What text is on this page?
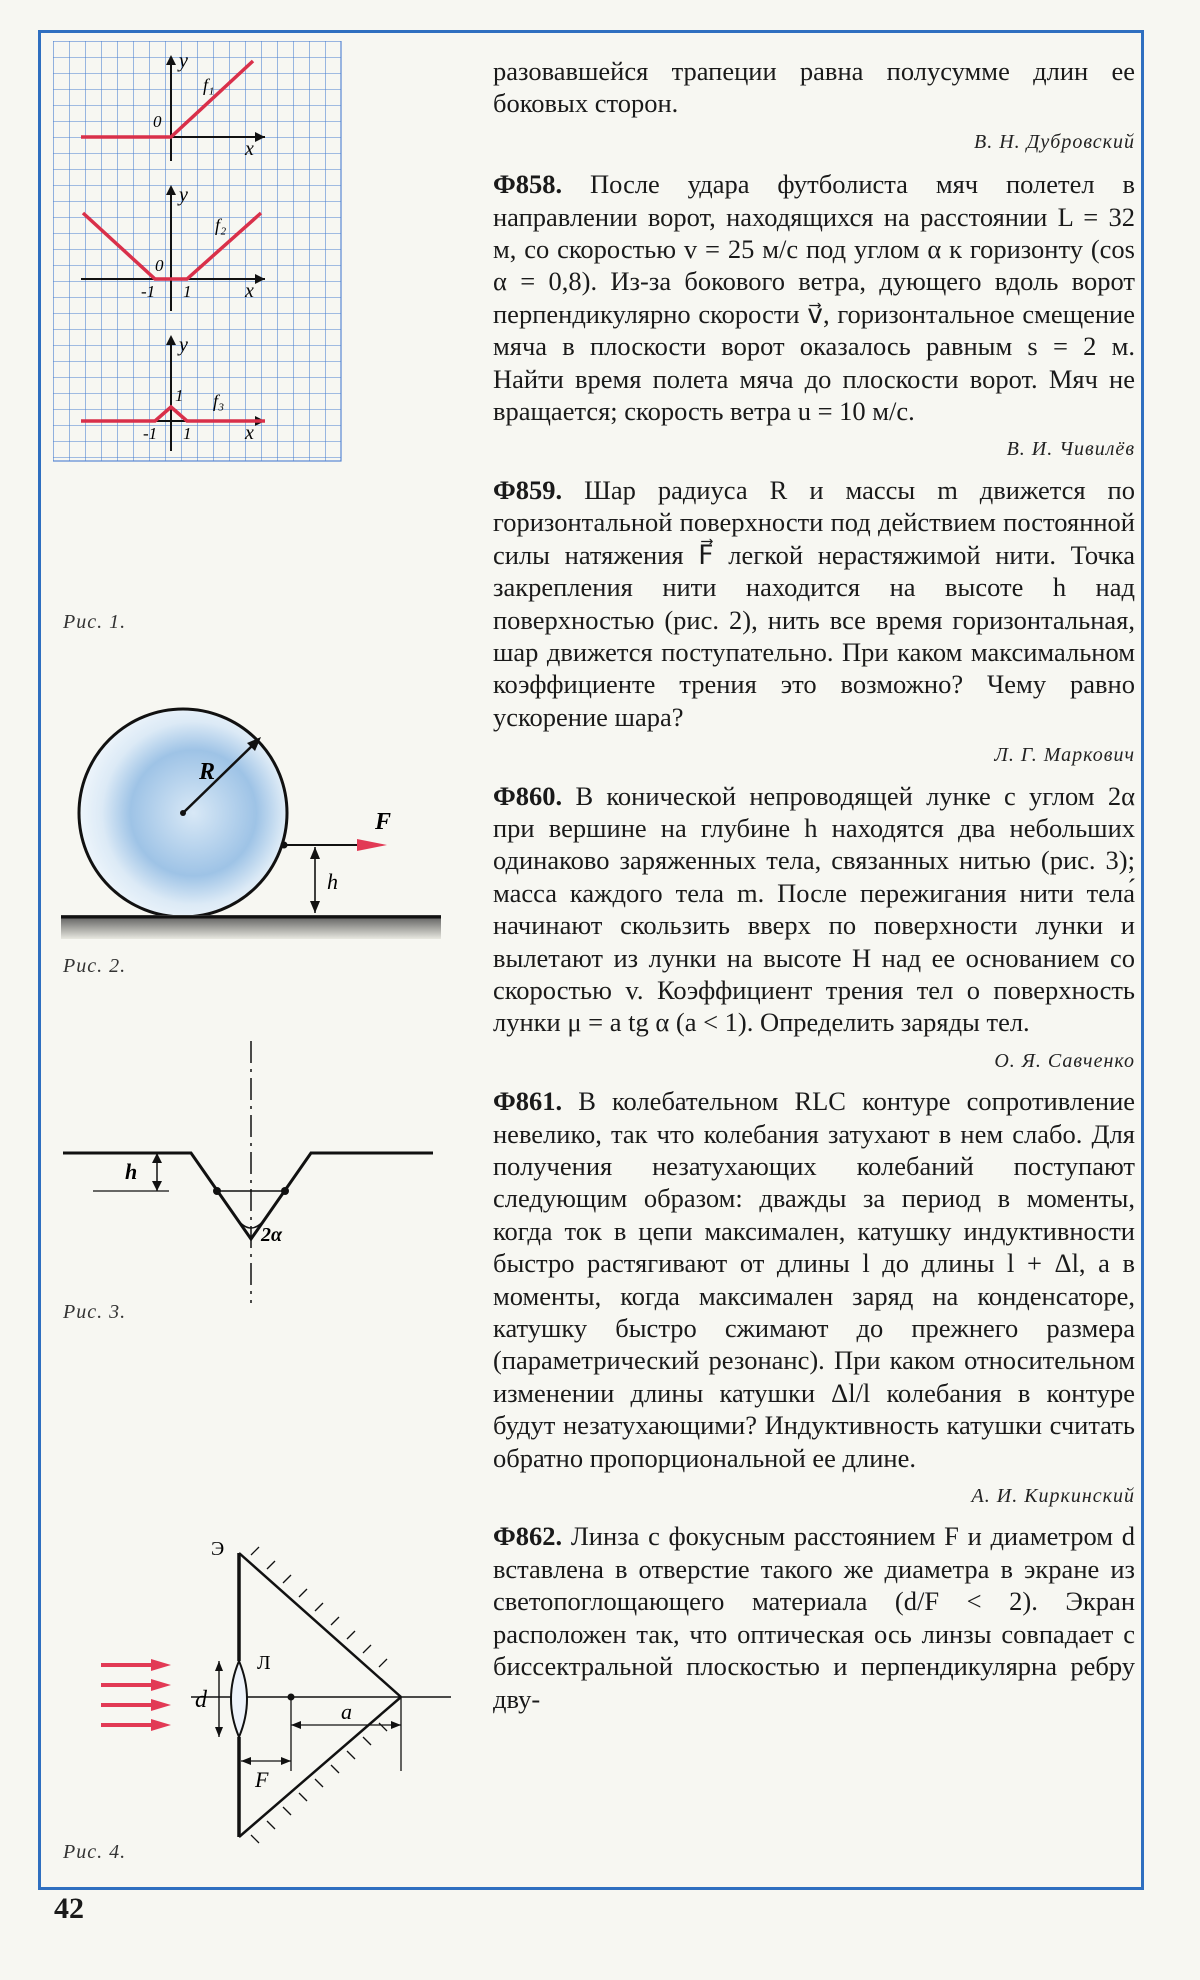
y
x
0
f₁
y
x
0
-1 1
f₂
y
x
1
-1 1
f₃
Рис. 1.
R
F
h
Рис. 2.
2α
h
Рис. 3.
d
F
a
Э
Л
Рис. 4.

разовавшейся трапеции равна полусумме длин ее боковых сторон.

В. Н. Дубровский

Ф858. После удара футболиста мяч полетел в направлении ворот, находящихся на расстоянии L = 32 м, со скоростью v = 25 м/с под углом α к горизонту (cos α = 0,8). Из-за бокового ветра, дующего вдоль ворот перпендикулярно скорости v⃗, горизонтальное смещение мяча в плоскости ворот оказалось равным s = 2 м. Найти время полета мяча до плоскости ворот. Мяч не вращается; скорость ветра u = 10 м/с.

В. И. Чивилёв

Ф859. Шар радиуса R и массы m движется по горизонтальной поверхности под действием постоянной силы натяжения F⃗ легкой нерастяжимой нити. Точка закрепления нити находится на высоте h над поверхностью (рис. 2), нить все время горизонтальная, шар движется поступательно. При каком максимальном коэффициенте трения это возможно? Чему равно ускорение шара?

Л. Г. Маркович

Ф860. В конической непроводящей лунке с углом 2α при вершине на глубине h находятся два небольших одинаково заряженных тела, связанных нитью (рис. 3); масса каждого тела m. После пережигания нити тела́ начинают скользить вверх по поверхности лунки и вылетают из лунки на высоте H над ее основанием со скоростью v. Коэффициент трения тел о поверхность лунки μ = a tg α (a < 1). Определить заряды тел.

О. Я. Савченко

Ф861. В колебательном RLC контуре сопротивление невелико, так что колебания затухают в нем слабо. Для получения незатухающих колебаний поступают следующим образом: дважды за период в моменты, когда ток в цепи максимален, катушку индуктивности быстро растягивают от длины l до длины l + Δl, а в моменты, когда максимален заряд на конденсаторе, катушку быстро сжимают до прежнего размера (параметрический резонанс). При каком относительном изменении длины катушки Δl/l колебания в контуре будут незатухающими? Индуктивность катушки считать обратно пропорциональной ее длине.

А. И. Киркинский

Ф862. Линза с фокусным расстоянием F и диаметром d вставлена в отверстие такого же диаметра в экране из светопоглощающего материала (d/F < 2). Экран расположен так, что оптическая ось линзы совпадает с биссектральной плоскостью и перпендикулярна ребру дву-

42
